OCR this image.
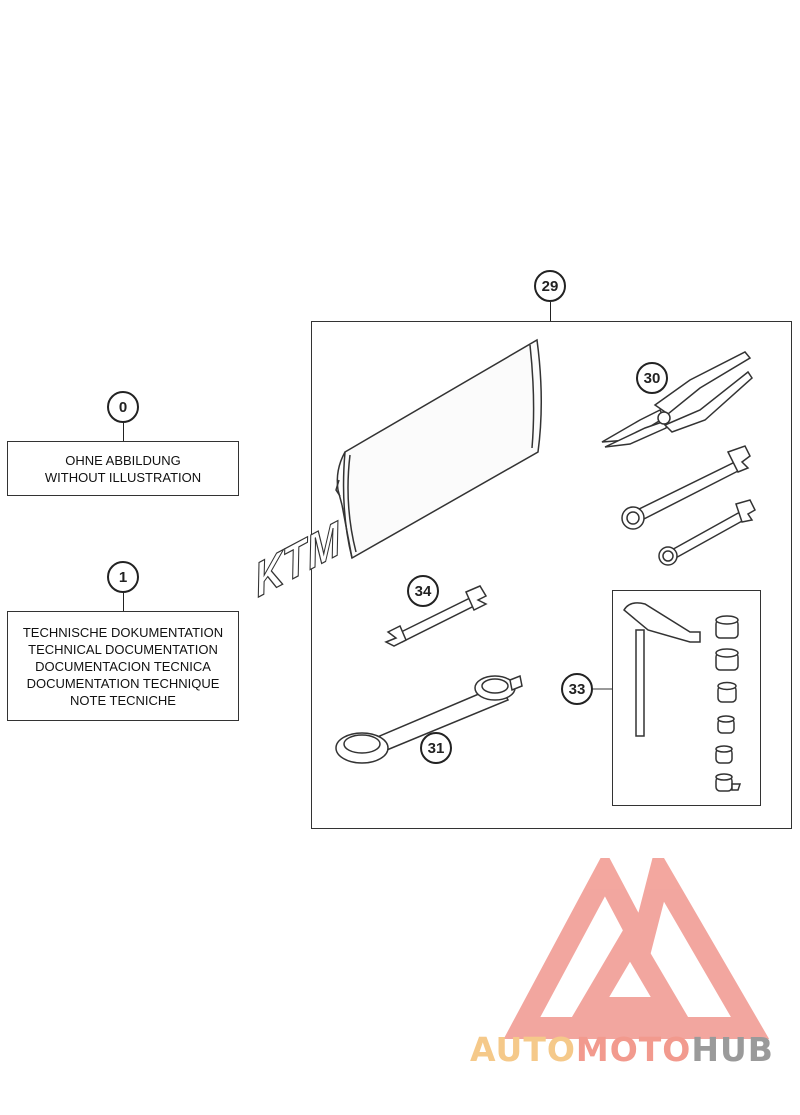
0
OHNE ABBILDUNG
WITHOUT ILLUSTRATION
1
TECHNISCHE DOKUMENTATION
TECHNICAL DOCUMENTATION
DOCUMENTACION TECNICA
DOCUMENTATION TECHNIQUE
NOTE TECNICHE
29
KTM
30
34
31
33
AUTOMOTOHUB
